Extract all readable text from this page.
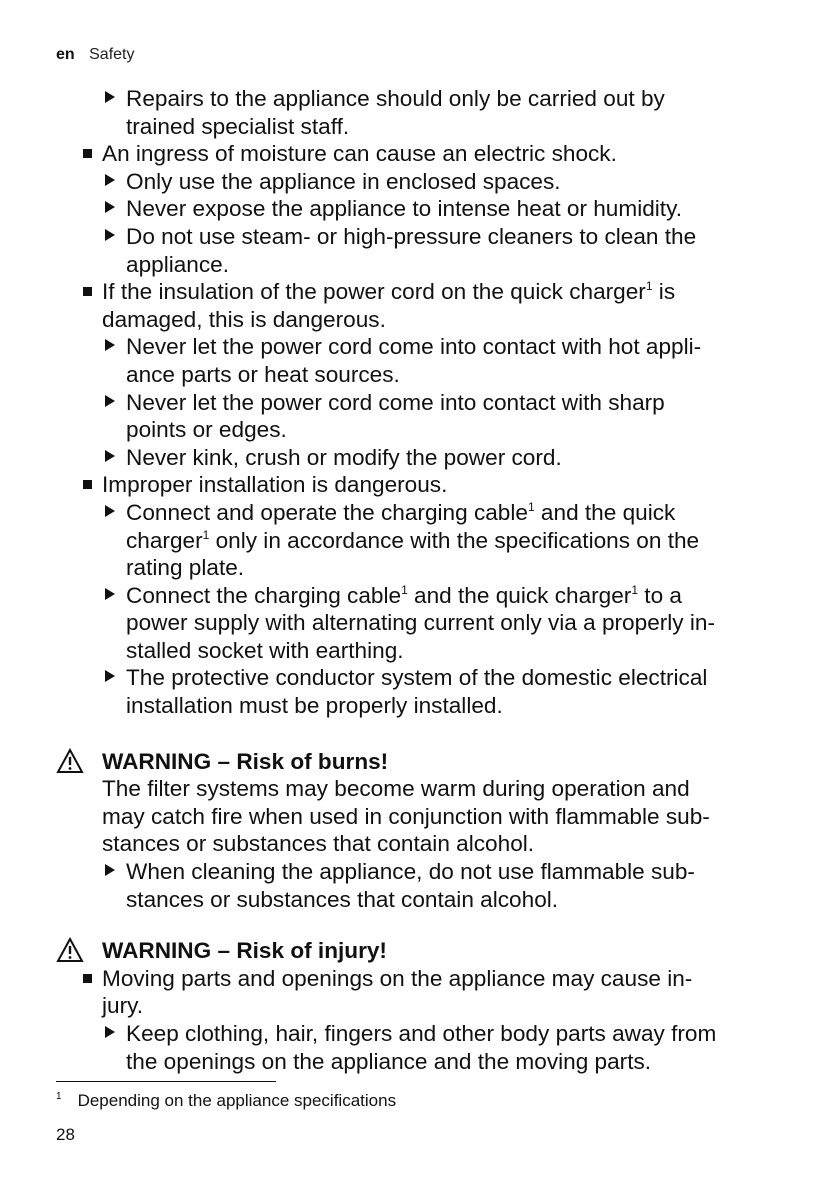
en Safety
Repairs to the appliance should only be carried out by
trained specialist staff.
An ingress of moisture can cause an electric shock.
Only use the appliance in enclosed spaces.
Never expose the appliance to intense heat or humidity.
Do not use steam- or high-pressure cleaners to clean the
appliance.
If the insulation of the power cord on the quick charger$^1$ is
damaged, this is dangerous.
Never let the power cord come into contact with hot appli-
ance parts or heat sources.
Never let the power cord come into contact with sharp
points or edges.
Never kink, crush or modify the power cord.
Improper installation is dangerous.
Connect and operate the charging cable$^1$ and the quick
charger$^1$ only in accordance with the specifications on the
rating plate.
Connect the charging cable$^1$ and the quick charger$^1$ to a
power supply with alternating current only via a properly in-
stalled socket with earthing.
The protective conductor system of the domestic electrical
installation must be properly installed.
WARNING – Risk of burns!
The filter systems may become warm during operation and
may catch fire when used in conjunction with flammable sub-
stances or substances that contain alcohol.
When cleaning the appliance, do not use flammable sub-
stances or substances that contain alcohol.
WARNING – Risk of injury!
Moving parts and openings on the appliance may cause in-
jury.
Keep clothing, hair, fingers and other body parts away from
the openings on the appliance and the moving parts.
$^1$ Depending on the appliance specifications
28
